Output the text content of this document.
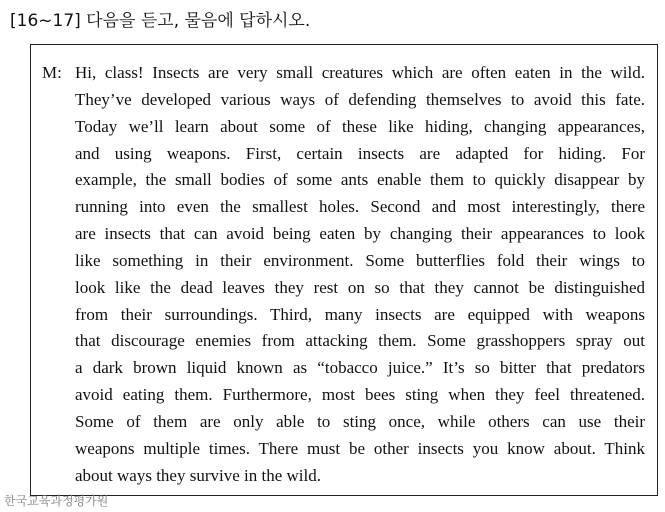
[16~17] 다음을 듣고, 물음에 답하시오.
M: Hi, class! Insects are very small creatures which are often eaten in the wild.
They’ve developed various ways of defending themselves to avoid this fate.
Today we’ll learn about some of these like hiding, changing appearances,
and using weapons. First, certain insects are adapted for hiding. For
example, the small bodies of some ants enable them to quickly disappear by
running into even the smallest holes. Second and most interestingly, there
are insects that can avoid being eaten by changing their appearances to look
like something in their environment. Some butterflies fold their wings to
look like the dead leaves they rest on so that they cannot be distinguished
from their surroundings. Third, many insects are equipped with weapons
that discourage enemies from attacking them. Some grasshoppers spray out
a dark brown liquid known as “tobacco juice.” It’s so bitter that predators
avoid eating them. Furthermore, most bees sting when they feel threatened.
Some of them are only able to sting once, while others can use their
weapons multiple times. There must be other insects you know about. Think
about ways they survive in the wild.
한국교육과정평가원
